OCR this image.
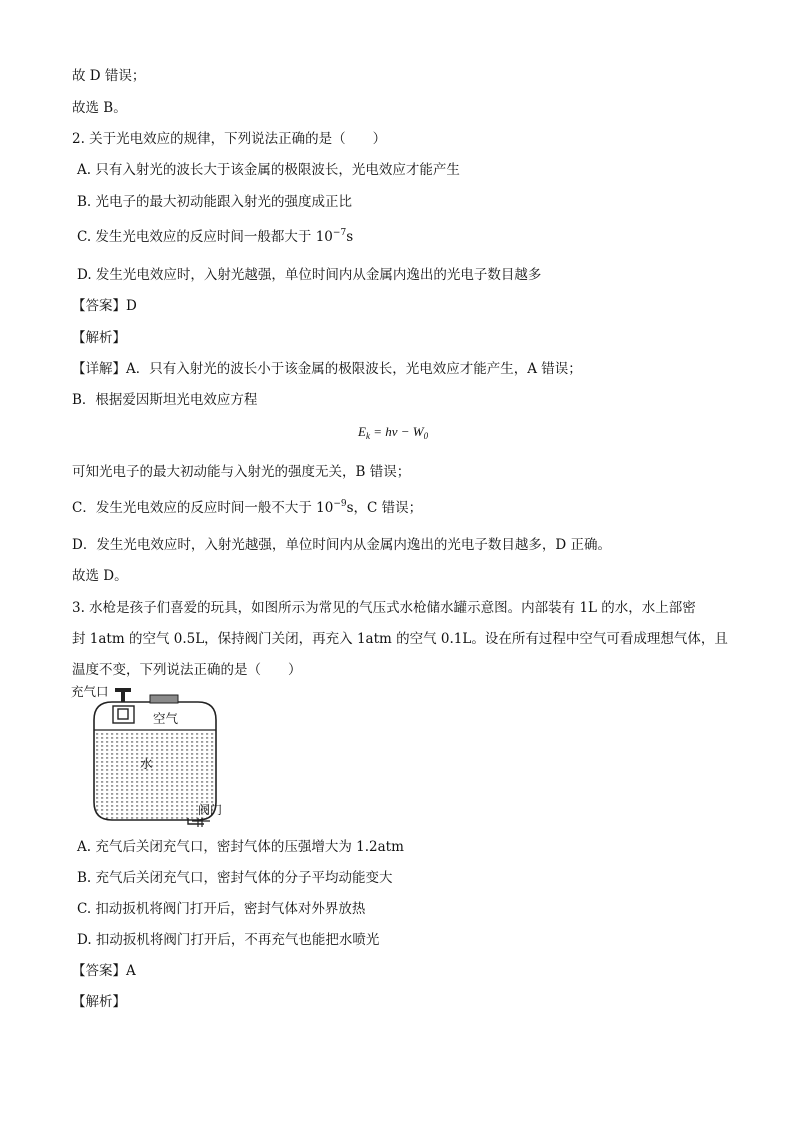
故 D 错误；
故选 B。
2. 关于光电效应的规律，下列说法正确的是（　　）
A. 只有入射光的波长大于该金属的极限波长，光电效应才能产生
B. 光电子的最大初动能跟入射光的强度成正比
C. 发生光电效应的反应时间一般都大于 $10^{-7}s$
D. 发生光电效应时，入射光越强，单位时间内从金属内逸出的光电子数目越多
【答案】D
【解析】
【详解】A．只有入射光的波长小于该金属的极限波长，光电效应才能产生，A 错误；
B．根据爱因斯坦光电效应方程
$E_k = h\nu - W_0$
可知光电子的最大初动能与入射光的强度无关，B 错误；
C．发生光电效应的反应时间一般不大于 $10^{-9}s$，C 错误；
D．发生光电效应时，入射光越强，单位时间内从金属内逸出的光电子数目越多，D 正确。
故选 D。
3. 水枪是孩子们喜爱的玩具，如图所示为常见的气压式水枪储水罐示意图。内部装有 1L 的水，水上部密
封 1atm 的空气 0.5L，保持阀门关闭，再充入 1atm 的空气 0.1L。设在所有过程中空气可看成理想气体，且
温度不变，下列说法正确的是（　　）
空气
水
充气口
阀门
A. 充气后关闭充气口，密封气体的压强增大为 1.2atm
B. 充气后关闭充气口，密封气体的分子平均动能变大
C. 扣动扳机将阀门打开后，密封气体对外界放热
D. 扣动扳机将阀门打开后，不再充气也能把水喷光
【答案】A
【解析】
